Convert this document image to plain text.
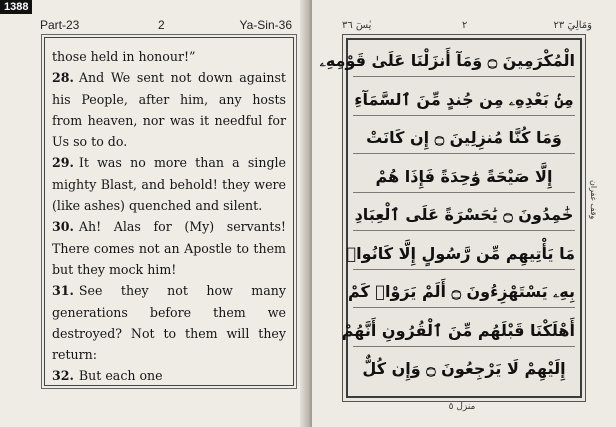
Part-23	2	Ya-Sin-36

those held in honour!”

28. And We sent not down against his People, after him, any hosts from heaven, nor was it needful for Us so to do.

29. It was no more than a single mighty Blast, and behold! they were (like ashes) quenched and silent.

30. Ah! Alas for (My) servants! There comes not an Apostle to them but they mock him!

31. See they not how many generations before them we destroyed? Not to them will they return:

32. But each one

يٰسٓ ٣٦	٢	وَمَالِيَ ٢٣
الْمُكْرَمِينَ ۝ وَمَآ أَنزَلْنَا عَلَىٰ قَوْمِهِۦ
مِنۢ بَعْدِهِۦ مِن جُندٍ مِّنَ ٱلسَّمَآءِ
وَمَا كُنَّا مُنزِلِينَ ۝ إِن كَانَتْ
إِلَّا صَيْحَةً وَٰحِدَةً فَإِذَا هُمْ
خَٰمِدُونَ ۝ يَٰحَسْرَةً عَلَى ٱلْعِبَادِ
مَا يَأْتِيهِم مِّن رَّسُولٍ إِلَّا كَانُوا۟
بِهِۦ يَسْتَهْزِءُونَ ۝ أَلَمْ يَرَوْا۟ كَمْ
أَهْلَكْنَا قَبْلَهُم مِّنَ ٱلْقُرُونِ أَنَّهُمْ
إِلَيْهِمْ لَا يَرْجِعُونَ ۝ وَإِن كُلٌّ
وقف غفران
منزل ٥
1388
